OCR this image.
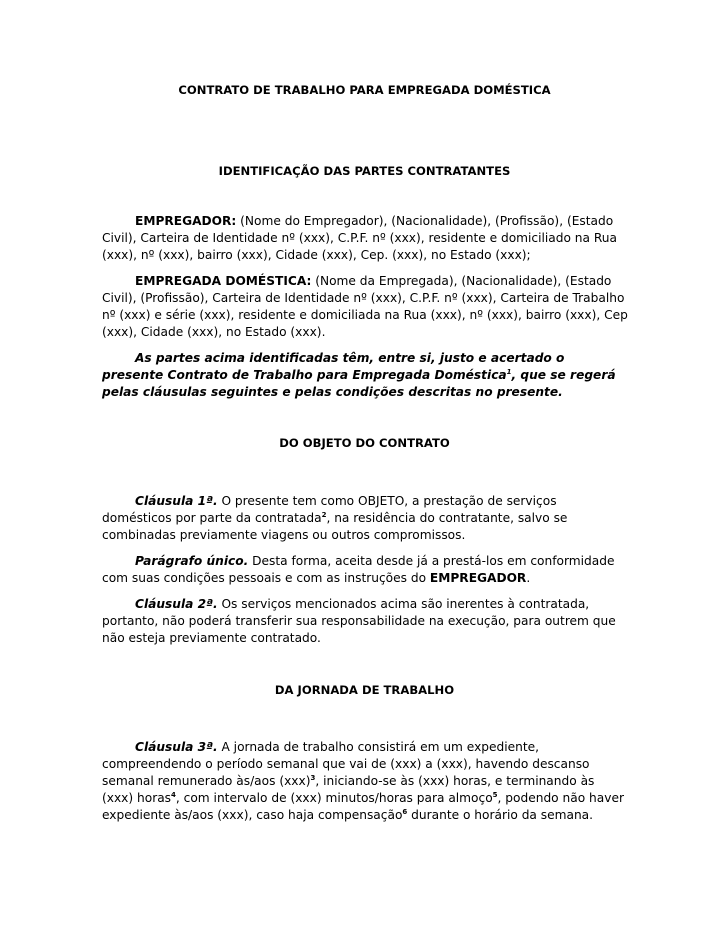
CONTRATO DE TRABALHO PARA EMPREGADA DOMÉSTICA

IDENTIFICAÇÃO DAS PARTES CONTRATANTES

EMPREGADOR: (Nome do Empregador), (Nacionalidade), (Profissão), (Estado Civil), Carteira de Identidade nº (xxx), C.P.F. nº (xxx), residente e domiciliado na Rua (xxx), nº (xxx), bairro (xxx), Cidade (xxx), Cep. (xxx), no Estado (xxx);

EMPREGADA DOMÉSTICA: (Nome da Empregada), (Nacionalidade), (Estado Civil), (Profissão), Carteira de Identidade nº (xxx), C.P.F. nº (xxx), Carteira de Trabalho nº (xxx) e série (xxx), residente e domiciliada na Rua (xxx), nº (xxx), bairro (xxx), Cep (xxx), Cidade (xxx), no Estado (xxx).

As partes acima identificadas têm, entre si, justo e acertado o presente Contrato de Trabalho para Empregada Doméstica$^1$, que se regerá pelas cláusulas seguintes e pelas condições descritas no presente.

DO OBJETO DO CONTRATO

Cláusula 1ª. O presente tem como OBJETO, a prestação de serviços domésticos por parte da contratada$^2$, na residência do contratante, salvo se combinadas previamente viagens ou outros compromissos.

Parágrafo único. Desta forma, aceita desde já a prestá-los em conformidade com suas condições pessoais e com as instruções do EMPREGADOR.

Cláusula 2ª. Os serviços mencionados acima são inerentes à contratada, portanto, não poderá transferir sua responsabilidade na execução, para outrem que não esteja previamente contratado.

DA JORNADA DE TRABALHO

Cláusula 3ª. A jornada de trabalho consistirá em um expediente, compreendendo o período semanal que vai de (xxx) a (xxx), havendo descanso semanal remunerado às/aos (xxx)$^3$, iniciando-se às (xxx) horas, e terminando às (xxx) horas$^4$, com intervalo de (xxx) minutos/horas para almoço$^5$, podendo não haver expediente às/aos (xxx), caso haja compensação$^6$ durante o horário da semana.
